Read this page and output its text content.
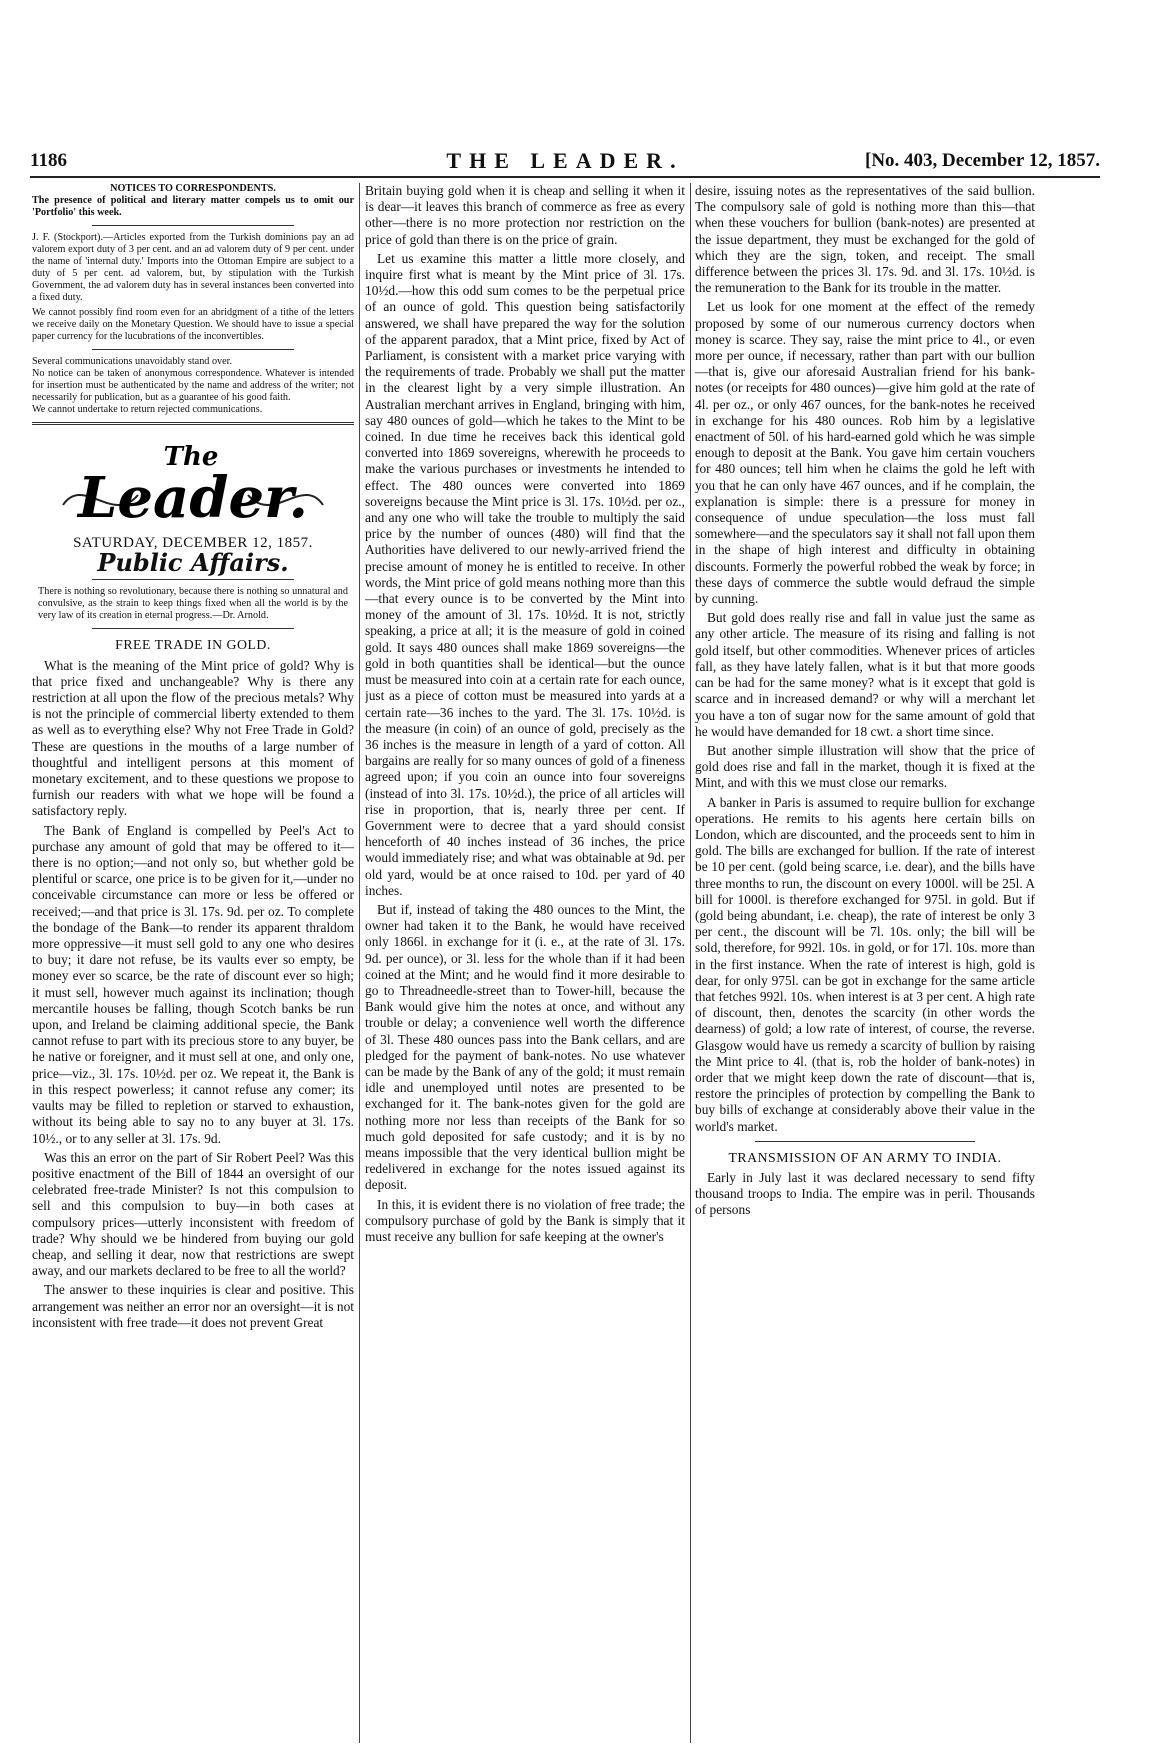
1186	THE LEADER.	[No. 403, December 12, 1857.
NOTICES TO CORRESPONDENTS.

The presence of political and literary matter compels us to omit our 'Portfolio' this week.

J. F. (Stockport).—Articles exported from the Turkish dominions pay an ad valorem export duty of 3 per cent. and an ad valorem duty of 9 per cent. under the name of 'internal duty.' Imports into the Ottoman Empire are subject to a duty of 5 per cent. ad valorem, but, by stipulation with the Turkish Government, the ad valorem duty has in several instances been converted into a fixed duty.

We cannot possibly find room even for an abridgment of a tithe of the letters we receive daily on the Monetary Question. We should have to issue a special paper currency for the lucubrations of the inconvertibles.

Several communications unavoidably stand over.

No notice can be taken of anonymous correspondence. Whatever is intended for insertion must be authenticated by the name and address of the writer; not necessarily for publication, but as a guarantee of his good faith.

We cannot undertake to return rejected communications.

The
Leader.
SATURDAY, DECEMBER 12, 1857.
Public Affairs.

There is nothing so revolutionary, because there is nothing so unnatural and convulsive, as the strain to keep things fixed when all the world is by the very law of its creation in eternal progress.—Dr. Arnold.

FREE TRADE IN GOLD.

What is the meaning of the Mint price of gold? Why is that price fixed and unchangeable? Why is there any restriction at all upon the flow of the precious metals? Why is not the principle of commercial liberty extended to them as well as to everything else? Why not Free Trade in Gold? These are questions in the mouths of a large number of thoughtful and intelligent persons at this moment of monetary excitement, and to these questions we propose to furnish our readers with what we hope will be found a satisfactory reply.

The Bank of England is compelled by Peel's Act to purchase any amount of gold that may be offered to it—there is no option;—and not only so, but whether gold be plentiful or scarce, one price is to be given for it,—under no conceivable circumstance can more or less be offered or received;—and that price is 3l. 17s. 9d. per oz. To complete the bondage of the Bank—to render its apparent thraldom more oppressive—it must sell gold to any one who desires to buy; it dare not refuse, be its vaults ever so empty, be money ever so scarce, be the rate of discount ever so high; it must sell, however much against its inclination; though mercantile houses be falling, though Scotch banks be run upon, and Ireland be claiming additional specie, the Bank cannot refuse to part with its precious store to any buyer, be he native or foreigner, and it must sell at one, and only one, price—viz., 3l. 17s. 10½d. per oz. We repeat it, the Bank is in this respect powerless; it cannot refuse any comer; its vaults may be filled to repletion or starved to exhaustion, without its being able to say no to any buyer at 3l. 17s. 10½., or to any seller at 3l. 17s. 9d.

Was this an error on the part of Sir Robert Peel? Was this positive enactment of the Bill of 1844 an oversight of our celebrated free-trade Minister? Is not this compulsion to sell and this compulsion to buy—in both cases at compulsory prices—utterly inconsistent with freedom of trade? Why should we be hindered from buying our gold cheap, and selling it dear, now that restrictions are swept away, and our markets declared to be free to all the world?

The answer to these inquiries is clear and positive. This arrangement was neither an error nor an oversight—it is not inconsistent with free trade—it does not prevent Great

Britain buying gold when it is cheap and selling it when it is dear—it leaves this branch of commerce as free as every other—there is no more protection nor restriction on the price of gold than there is on the price of grain.

Let us examine this matter a little more closely, and inquire first what is meant by the Mint price of 3l. 17s. 10½d.—how this odd sum comes to be the perpetual price of an ounce of gold. This question being satisfactorily answered, we shall have prepared the way for the solution of the apparent paradox, that a Mint price, fixed by Act of Parliament, is consistent with a market price varying with the requirements of trade. Probably we shall put the matter in the clearest light by a very simple illustration. An Australian merchant arrives in England, bringing with him, say 480 ounces of gold—which he takes to the Mint to be coined. In due time he receives back this identical gold converted into 1869 sovereigns, wherewith he proceeds to make the various purchases or investments he intended to effect. The 480 ounces were converted into 1869 sovereigns because the Mint price is 3l. 17s. 10½d. per oz., and any one who will take the trouble to multiply the said price by the number of ounces (480) will find that the Authorities have delivered to our newly-arrived friend the precise amount of money he is entitled to receive. In other words, the Mint price of gold means nothing more than this—that every ounce is to be converted by the Mint into money of the amount of 3l. 17s. 10½d. It is not, strictly speaking, a price at all; it is the measure of gold in coined gold. It says 480 ounces shall make 1869 sovereigns—the gold in both quantities shall be identical—but the ounce must be measured into coin at a certain rate for each ounce, just as a piece of cotton must be measured into yards at a certain rate—36 inches to the yard. The 3l. 17s. 10½d. is the measure (in coin) of an ounce of gold, precisely as the 36 inches is the measure in length of a yard of cotton. All bargains are really for so many ounces of gold of a fineness agreed upon; if you coin an ounce into four sovereigns (instead of into 3l. 17s. 10½d.), the price of all articles will rise in proportion, that is, nearly three per cent. If Government were to decree that a yard should consist henceforth of 40 inches instead of 36 inches, the price would immediately rise; and what was obtainable at 9d. per old yard, would be at once raised to 10d. per yard of 40 inches.

But if, instead of taking the 480 ounces to the Mint, the owner had taken it to the Bank, he would have received only 1866l. in exchange for it (i. e., at the rate of 3l. 17s. 9d. per ounce), or 3l. less for the whole than if it had been coined at the Mint; and he would find it more desirable to go to Threadneedle-street than to Tower-hill, because the Bank would give him the notes at once, and without any trouble or delay; a convenience well worth the difference of 3l. These 480 ounces pass into the Bank cellars, and are pledged for the payment of bank-notes. No use whatever can be made by the Bank of any of the gold; it must remain idle and unemployed until notes are presented to be exchanged for it. The bank-notes given for the gold are nothing more nor less than receipts of the Bank for so much gold deposited for safe custody; and it is by no means impossible that the very identical bullion might be redelivered in exchange for the notes issued against its deposit.

In this, it is evident there is no violation of free trade; the compulsory purchase of gold by the Bank is simply that it must receive any bullion for safe keeping at the owner's

desire, issuing notes as the representatives of the said bullion. The compulsory sale of gold is nothing more than this—that when these vouchers for bullion (bank-notes) are presented at the issue department, they must be exchanged for the gold of which they are the sign, token, and receipt. The small difference between the prices 3l. 17s. 9d. and 3l. 17s. 10½d. is the remuneration to the Bank for its trouble in the matter.

Let us look for one moment at the effect of the remedy proposed by some of our numerous currency doctors when money is scarce. They say, raise the mint price to 4l., or even more per ounce, if necessary, rather than part with our bullion—that is, give our aforesaid Australian friend for his bank-notes (or receipts for 480 ounces)—give him gold at the rate of 4l. per oz., or only 467 ounces, for the bank-notes he received in exchange for his 480 ounces. Rob him by a legislative enactment of 50l. of his hard-earned gold which he was simple enough to deposit at the Bank. You gave him certain vouchers for 480 ounces; tell him when he claims the gold he left with you that he can only have 467 ounces, and if he complain, the explanation is simple: there is a pressure for money in consequence of undue speculation—the loss must fall somewhere—and the speculators say it shall not fall upon them in the shape of high interest and difficulty in obtaining discounts. Formerly the powerful robbed the weak by force; in these days of commerce the subtle would defraud the simple by cunning.

But gold does really rise and fall in value just the same as any other article. The measure of its rising and falling is not gold itself, but other commodities. Whenever prices of articles fall, as they have lately fallen, what is it but that more goods can be had for the same money? what is it except that gold is scarce and in increased demand? or why will a merchant let you have a ton of sugar now for the same amount of gold that he would have demanded for 18 cwt. a short time since.

But another simple illustration will show that the price of gold does rise and fall in the market, though it is fixed at the Mint, and with this we must close our remarks.

A banker in Paris is assumed to require bullion for exchange operations. He remits to his agents here certain bills on London, which are discounted, and the proceeds sent to him in gold. The bills are exchanged for bullion. If the rate of interest be 10 per cent. (gold being scarce, i.e. dear), and the bills have three months to run, the discount on every 1000l. will be 25l. A bill for 1000l. is therefore exchanged for 975l. in gold. But if (gold being abundant, i.e. cheap), the rate of interest be only 3 per cent., the discount will be 7l. 10s. only; the bill will be sold, therefore, for 992l. 10s. in gold, or for 17l. 10s. more than in the first instance. When the rate of interest is high, gold is dear, for only 975l. can be got in exchange for the same article that fetches 992l. 10s. when interest is at 3 per cent. A high rate of discount, then, denotes the scarcity (in other words the dearness) of gold; a low rate of interest, of course, the reverse. Glasgow would have us remedy a scarcity of bullion by raising the Mint price to 4l. (that is, rob the holder of bank-notes) in order that we might keep down the rate of discount—that is, restore the principles of protection by compelling the Bank to buy bills of exchange at considerably above their value in the world's market.

TRANSMISSION OF AN ARMY TO INDIA.

Early in July last it was declared necessary to send fifty thousand troops to India. The empire was in peril. Thousands of persons
